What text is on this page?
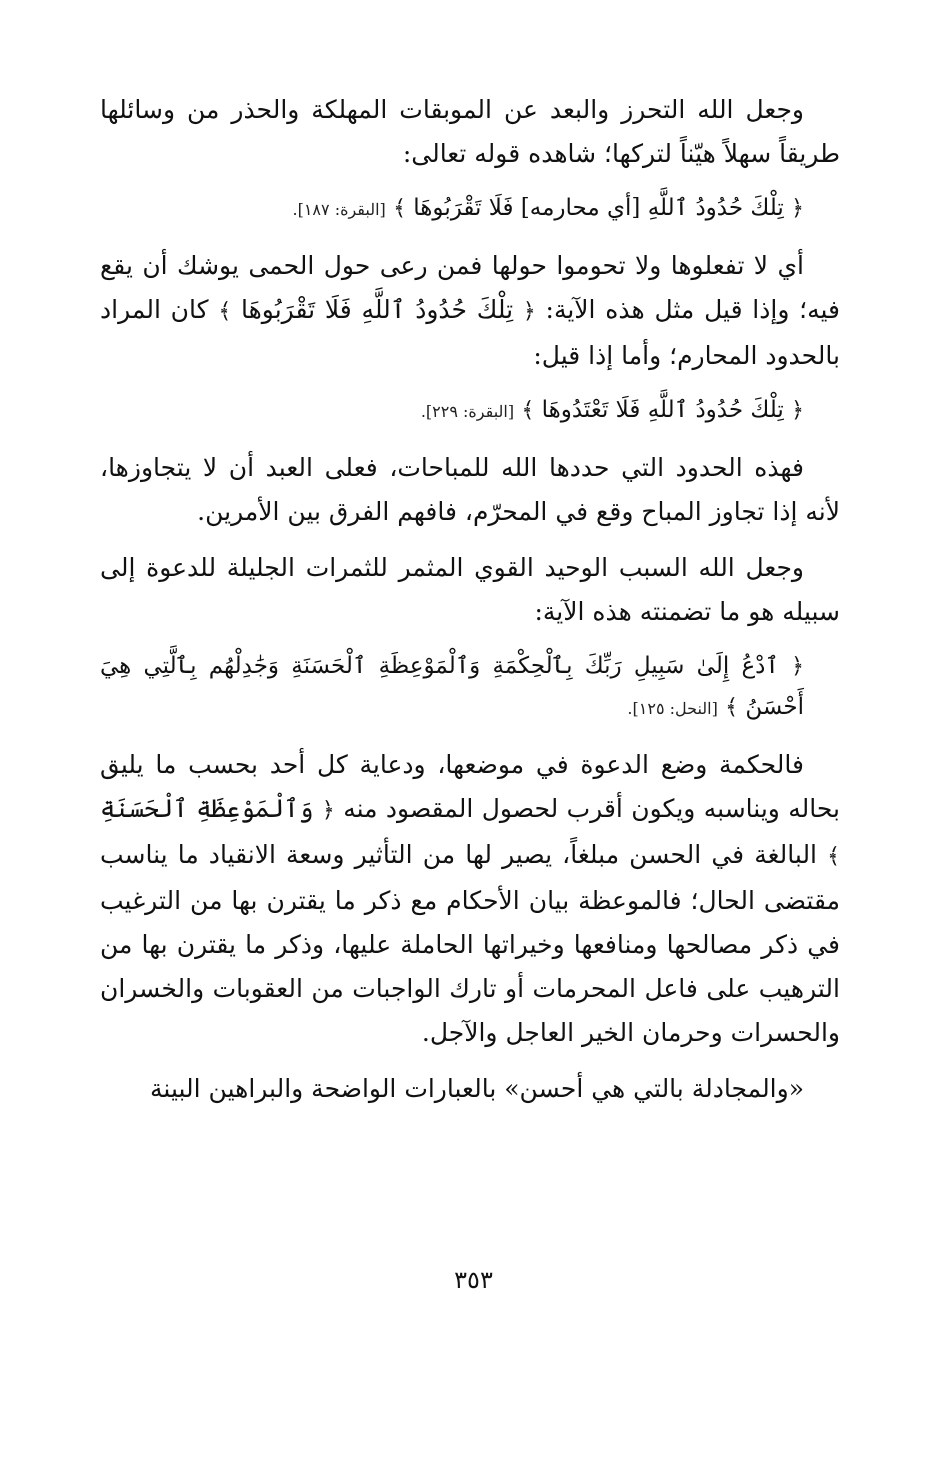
وجعل الله التحرز والبعد عن الموبقات المهلكة والحذر من وسائلها طريقاً سهلاً هيّناً لتركها؛ شاهده قوله تعالى:

﴿ تِلْكَ حُدُودُ ٱللَّهِ [أي محارمه] فَلَا تَقْرَبُوهَا ﴾ [البقرة: ١٨٧].

أي لا تفعلوها ولا تحوموا حولها فمن رعى حول الحمى يوشك أن يقع فيه؛ وإذا قيل مثل هذه الآية: ﴿ تِلْكَ حُدُودُ ٱللَّهِ فَلَا تَقْرَبُوهَا ﴾ كان المراد بالحدود المحارم؛ وأما إذا قيل:

﴿ تِلْكَ حُدُودُ ٱللَّهِ فَلَا تَعْتَدُوهَا ﴾ [البقرة: ٢٢٩].

فهذه الحدود التي حددها الله للمباحات، فعلى العبد أن لا يتجاوزها، لأنه إذا تجاوز المباح وقع في المحرّم، فافهم الفرق بين الأمرين.

وجعل الله السبب الوحيد القوي المثمر للثمرات الجليلة للدعوة إلى سبيله هو ما تضمنته هذه الآية:

﴿ ٱدْعُ إِلَىٰ سَبِيلِ رَبِّكَ بِٱلْحِكْمَةِ وَٱلْمَوْعِظَةِ ٱلْحَسَنَةِ وَجَٰدِلْهُم بِٱلَّتِي هِيَ أَحْسَنُ ﴾ [النحل: ١٢٥].

فالحكمة وضع الدعوة في موضعها، ودعاية كل أحد بحسب ما يليق بحاله ويناسبه ويكون أقرب لحصول المقصود منه ﴿ وَٱلْمَوْعِظَةِ ٱلْحَسَنَةِ ﴾ البالغة في الحسن مبلغاً، يصير لها من التأثير وسعة الانقياد ما يناسب مقتضى الحال؛ فالموعظة بيان الأحكام مع ذكر ما يقترن بها من الترغيب في ذكر مصالحها ومنافعها وخيراتها الحاملة عليها، وذكر ما يقترن بها من الترهيب على فاعل المحرمات أو تارك الواجبات من العقوبات والخسران والحسرات وحرمان الخير العاجل والآجل.

«والمجادلة بالتي هي أحسن» بالعبارات الواضحة والبراهين البينة

٣٥٣
